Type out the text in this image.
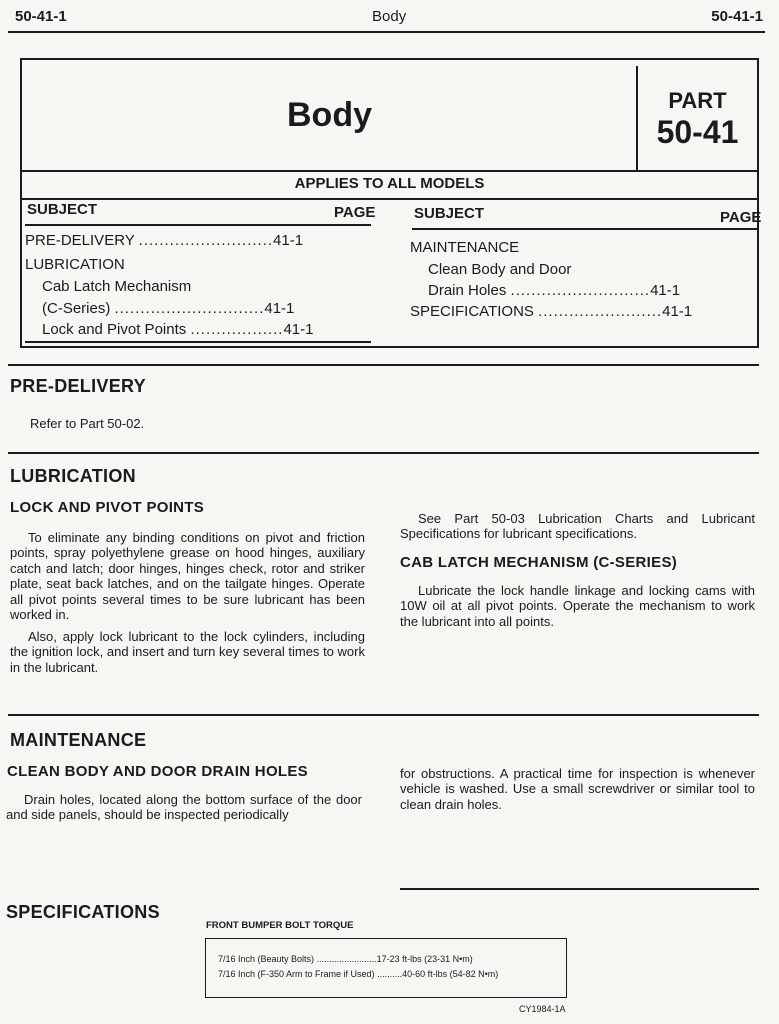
50-41-1	Body	50-41-1
Body	PART
50-41
APPLIES TO ALL MODELS
SUBJECT	PAGE
PRE-DELIVERY ..........................41-1
LUBRICATION
Cab Latch Mechanism
(C-Series) .............................41-1
Lock and Pivot Points ..................41-1
SUBJECT	PAGE
MAINTENANCE
Clean Body and Door
Drain Holes ...........................41-1
SPECIFICATIONS ........................41-1
PRE-DELIVERY
Refer to Part 50-02.
LUBRICATION
LOCK AND PIVOT POINTS
To eliminate any binding conditions on pivot and friction points, spray polyethylene grease on hood hinges, auxiliary catch and latch; door hinges, hinges check, rotor and striker plate, seat back latches, and on the tailgate hinges. Operate all pivot points several times to be sure lubricant has been worked in.
Also, apply lock lubricant to the lock cylinders, including the ignition lock, and insert and turn key several times to work in the lubricant.
See Part 50-03 Lubrication Charts and Lubricant Specifications for lubricant specifications.
CAB LATCH MECHANISM (C-SERIES)
Lubricate the lock handle linkage and locking cams with 10W oil at all pivot points. Operate the mechanism to work the lubricant into all points.
MAINTENANCE
CLEAN BODY AND DOOR DRAIN HOLES
Drain holes, located along the bottom surface of the door and side panels, should be inspected periodically
for obstructions. A practical time for inspection is whenever vehicle is washed. Use a small screwdriver or similar tool to clean drain holes.
SPECIFICATIONS
FRONT BUMPER BOLT TORQUE
7/16 Inch (Beauty Bolts) ........................17-23 ft-lbs (23-31 N•m)
7/16 Inch (F-350 Arm to Frame if Used) ..........40-60 ft-lbs (54-82 N•m)
CY1984-1A
